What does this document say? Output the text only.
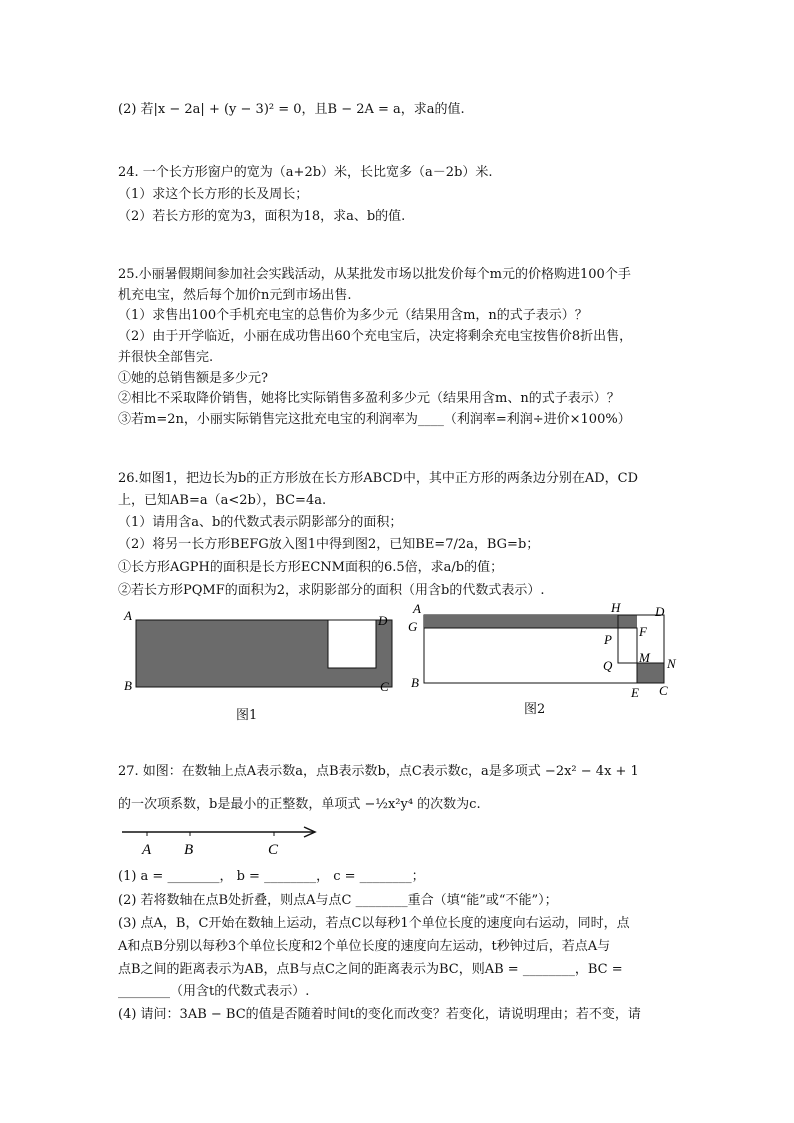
(2) 若|x − 2a| + (y − 3)² = 0，且B − 2A = a，求a的值.
24. 一个长方形窗户的宽为（a+2b）米，长比宽多（a－2b）米.
（1）求这个长方形的长及周长；
（2）若长方形的宽为3，面积为18，求a、b的值.
25.小丽暑假期间参加社会实践活动，从某批发市场以批发价每个m元的价格购进100个手
机充电宝，然后每个加价n元到市场出售.
（1）求售出100个手机充电宝的总售价为多少元（结果用含m，n的式子表示）？
（2）由于开学临近，小丽在成功售出60个充电宝后，决定将剩余充电宝按售价8折出售，
并很快全部售完.
①她的总销售额是多少元?
②相比不采取降价销售，她将比实际销售多盈利多少元（结果用含m、n的式子表示）？
③若m=2n，小丽实际销售完这批充电宝的利润率为____（利润率=利润÷进价×100%）
26.如图1，把边长为b的正方形放在长方形ABCD中，其中正方形的两条边分别在AD，CD
上，已知AB=a（a<2b），BC=4a.
（1）请用含a、b的代数式表示阴影部分的面积；
（2）将另一长方形BEFG放入图1中得到图2，已知BE=7/2a，BG=b；
①长方形AGPH的面积是长方形ECNM面积的6.5倍，求a/b的值；
②若长方形PQMF的面积为2，求阴影部分的面积（用含b的代数式表示）.
A	D
B	C
图1
A
G
H	D
P
F
Q
M N
B
E C
图2
27. 如图：在数轴上点A表示数a，点B表示数b，点C表示数c，a是多项式 −2x² − 4x + 1
的一次项系数，b是最小的正整数，单项式 −½x²y⁴ 的次数为c.
A B	C
(1) a = ________， b = ________， c = ________；
(2) 若将数轴在点B处折叠，则点A与点C ________重合（填“能”或“不能”）；
(3) 点A，B，C开始在数轴上运动，若点C以每秒1个单位长度的速度向右运动，同时，点
A和点B分别以每秒3个单位长度和2个单位长度的速度向左运动，t秒钟过后，若点A与
点B之间的距离表示为AB，点B与点C之间的距离表示为BC，则AB = ________，BC =
________（用含t的代数式表示）.
(4) 请问：3AB − BC的值是否随着时间t的变化而改变？若变化，请说明理由；若不变，请
